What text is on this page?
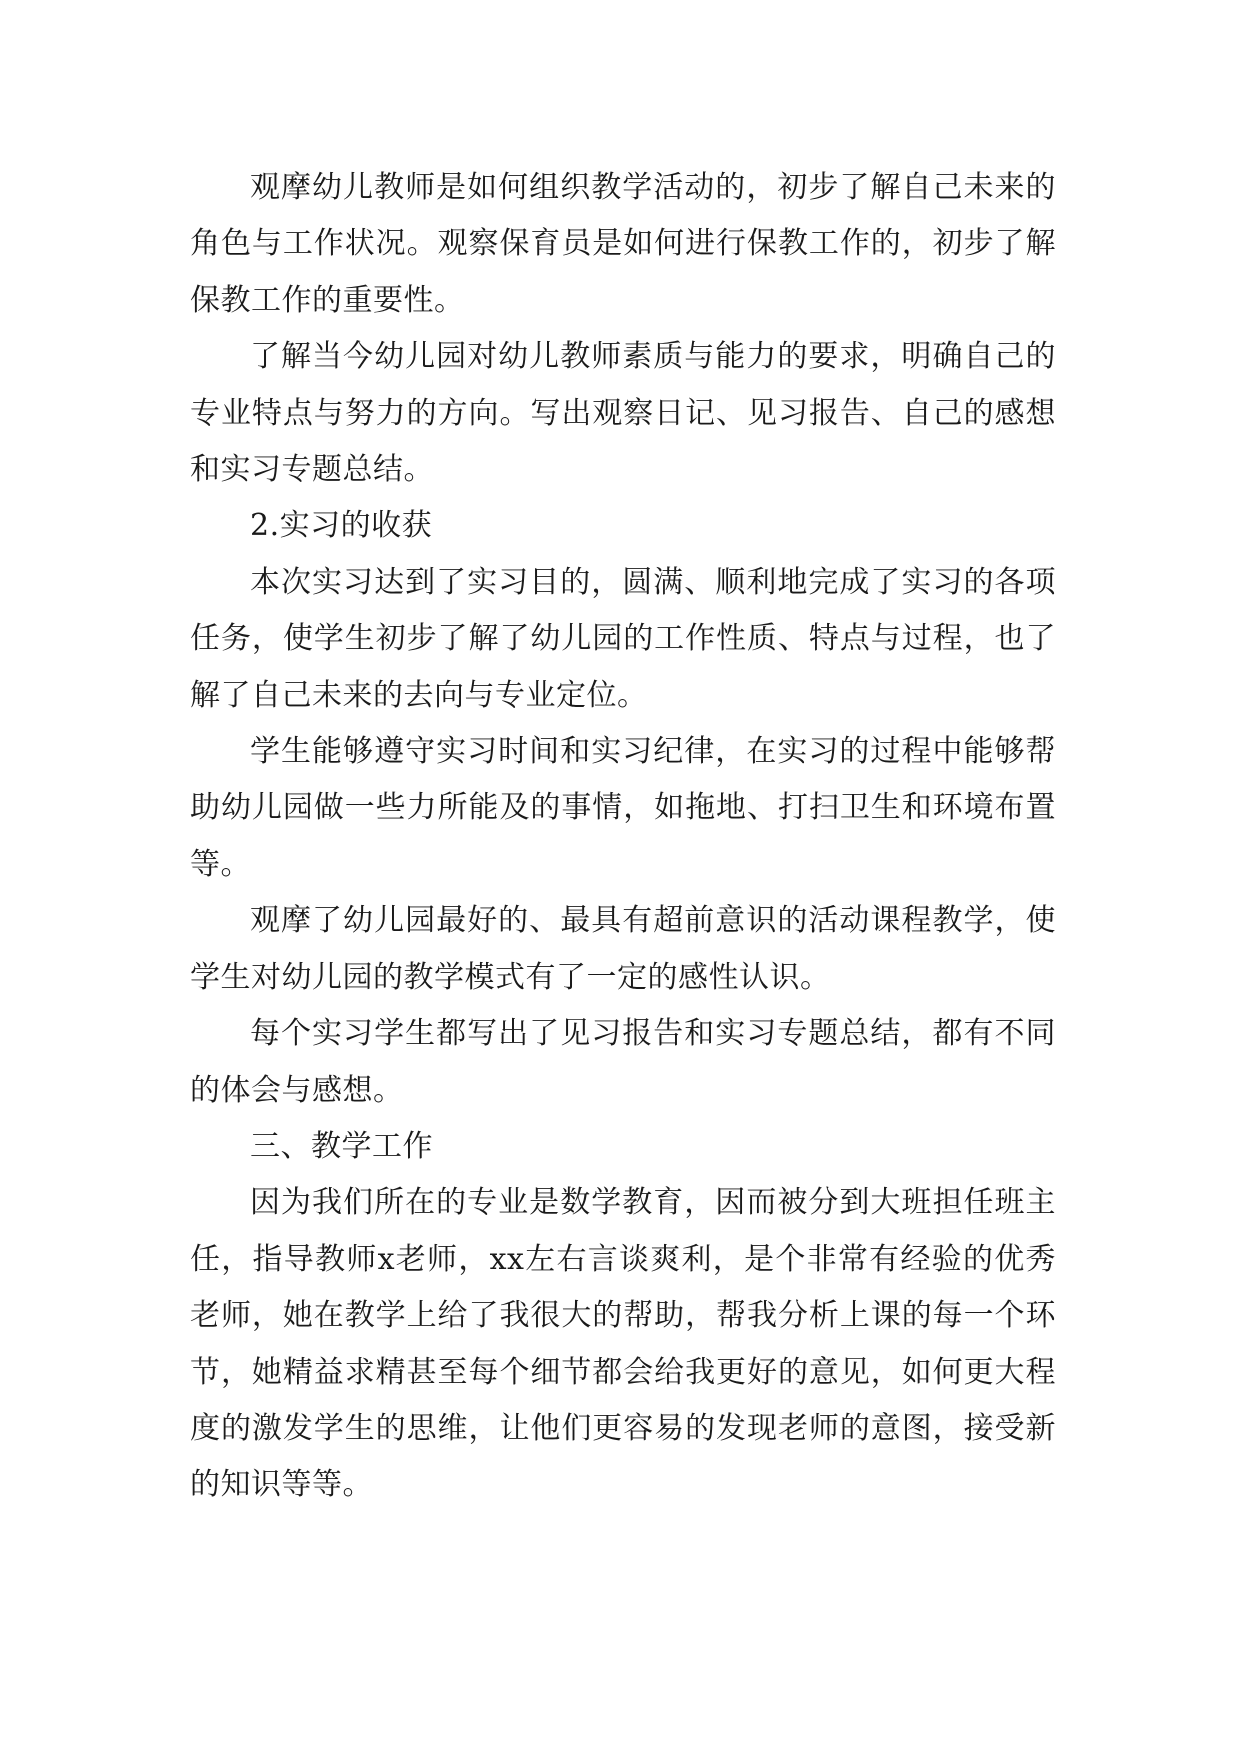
观摩幼儿教师是如何组织教学活动的，初步了解自己未来的角色与工作状况。观察保育员是如何进行保教工作的，初步了解保教工作的重要性。

了解当今幼儿园对幼儿教师素质与能力的要求，明确自己的专业特点与努力的方向。写出观察日记、见习报告、自己的感想和实习专题总结。

2.实习的收获

本次实习达到了实习目的，圆满、顺利地完成了实习的各项任务，使学生初步了解了幼儿园的工作性质、特点与过程，也了解了自己未来的去向与专业定位。

学生能够遵守实习时间和实习纪律，在实习的过程中能够帮助幼儿园做一些力所能及的事情，如拖地、打扫卫生和环境布置等。

观摩了幼儿园最好的、最具有超前意识的活动课程教学，使学生对幼儿园的教学模式有了一定的感性认识。

每个实习学生都写出了见习报告和实习专题总结，都有不同的体会与感想。

三、教学工作

因为我们所在的专业是数学教育，因而被分到大班担任班主任，指导教师x老师，xx左右言谈爽利，是个非常有经验的优秀老师，她在教学上给了我很大的帮助，帮我分析上课的每一个环节，她精益求精甚至每个细节都会给我更好的意见，如何更大程度的激发学生的思维，让他们更容易的发现老师的意图，接受新的知识等等。
